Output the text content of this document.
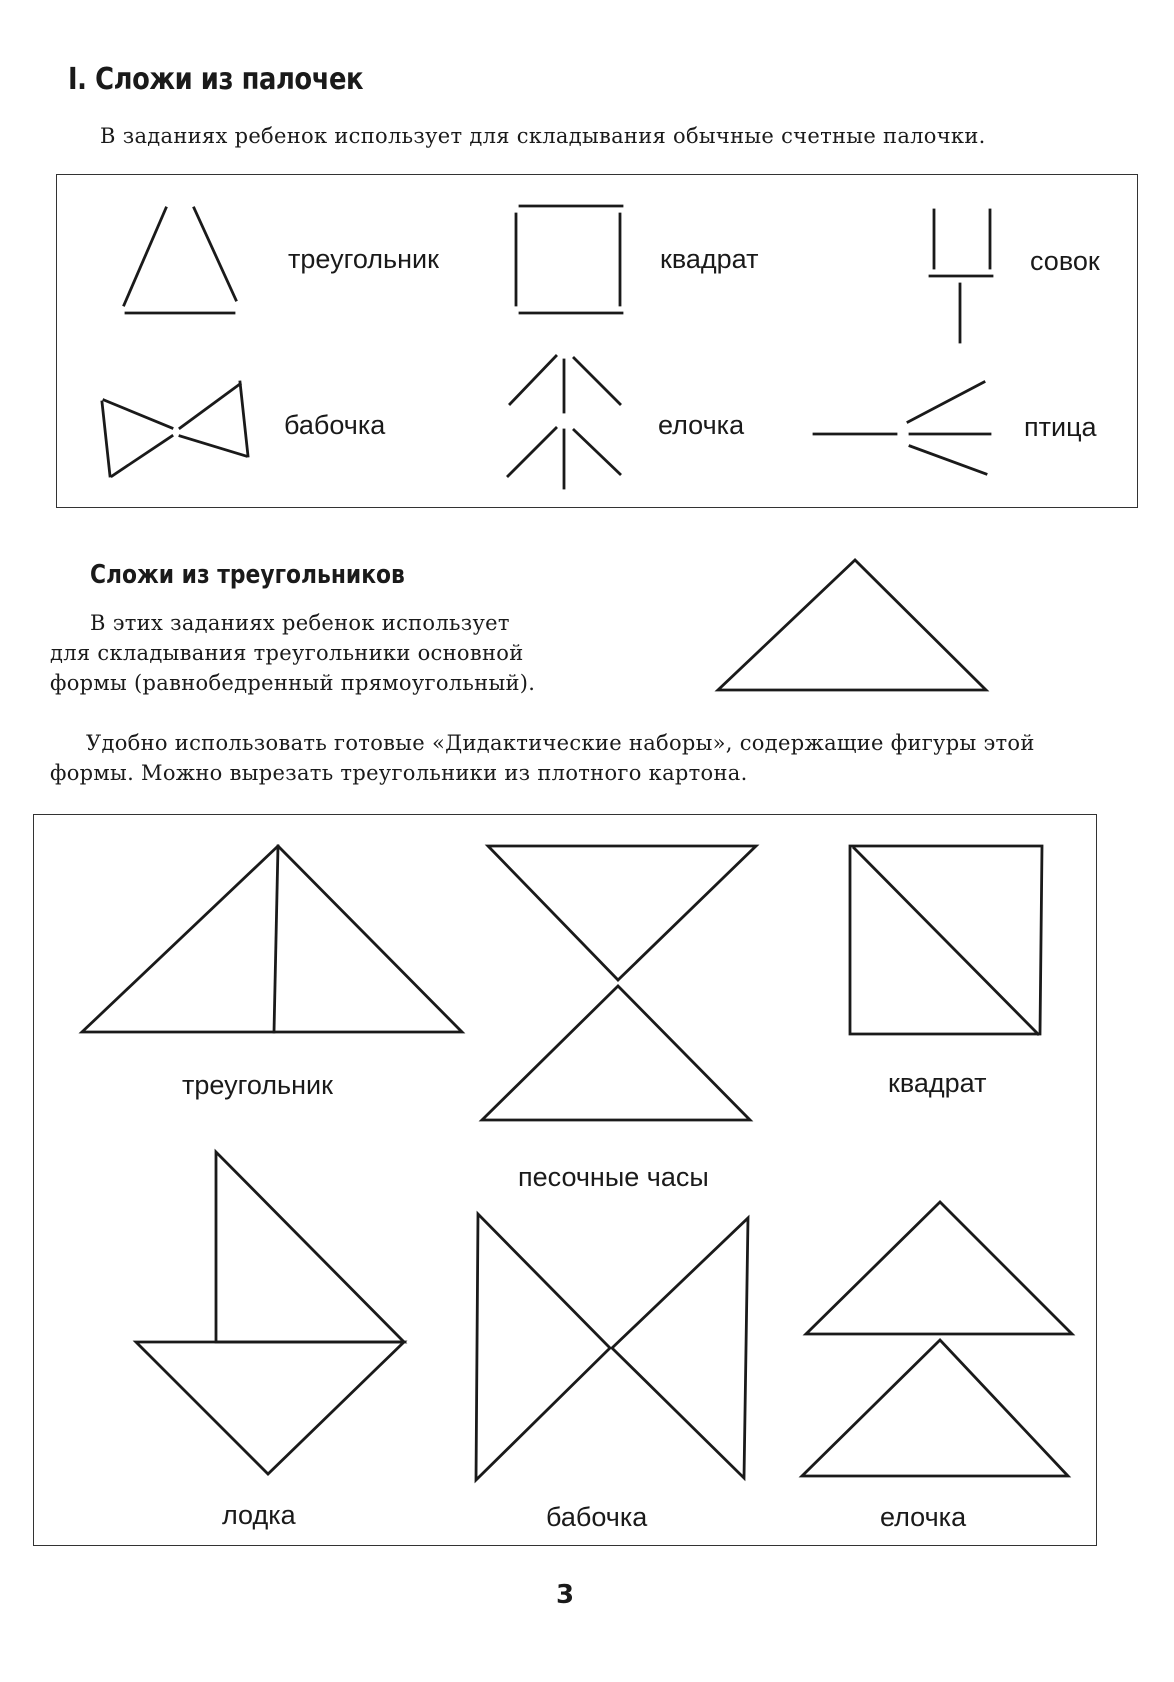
I. Сложи из палочек
В заданиях ребенок использует для складывания обычные счетные палочки.
треугольник	квадрат	совок
бабочка	елочка	птица
Сложи из треугольников
В этих заданиях ребенок использует
для складывания треугольники основной
формы (равнобедренный прямоугольный).
Удобно использовать готовые «Дидактические наборы», содержащие фигуры этой
формы. Можно вырезать треугольники из плотного картона.
треугольник
песочные часы
квадрат
лодка	бабочка	елочка
3
